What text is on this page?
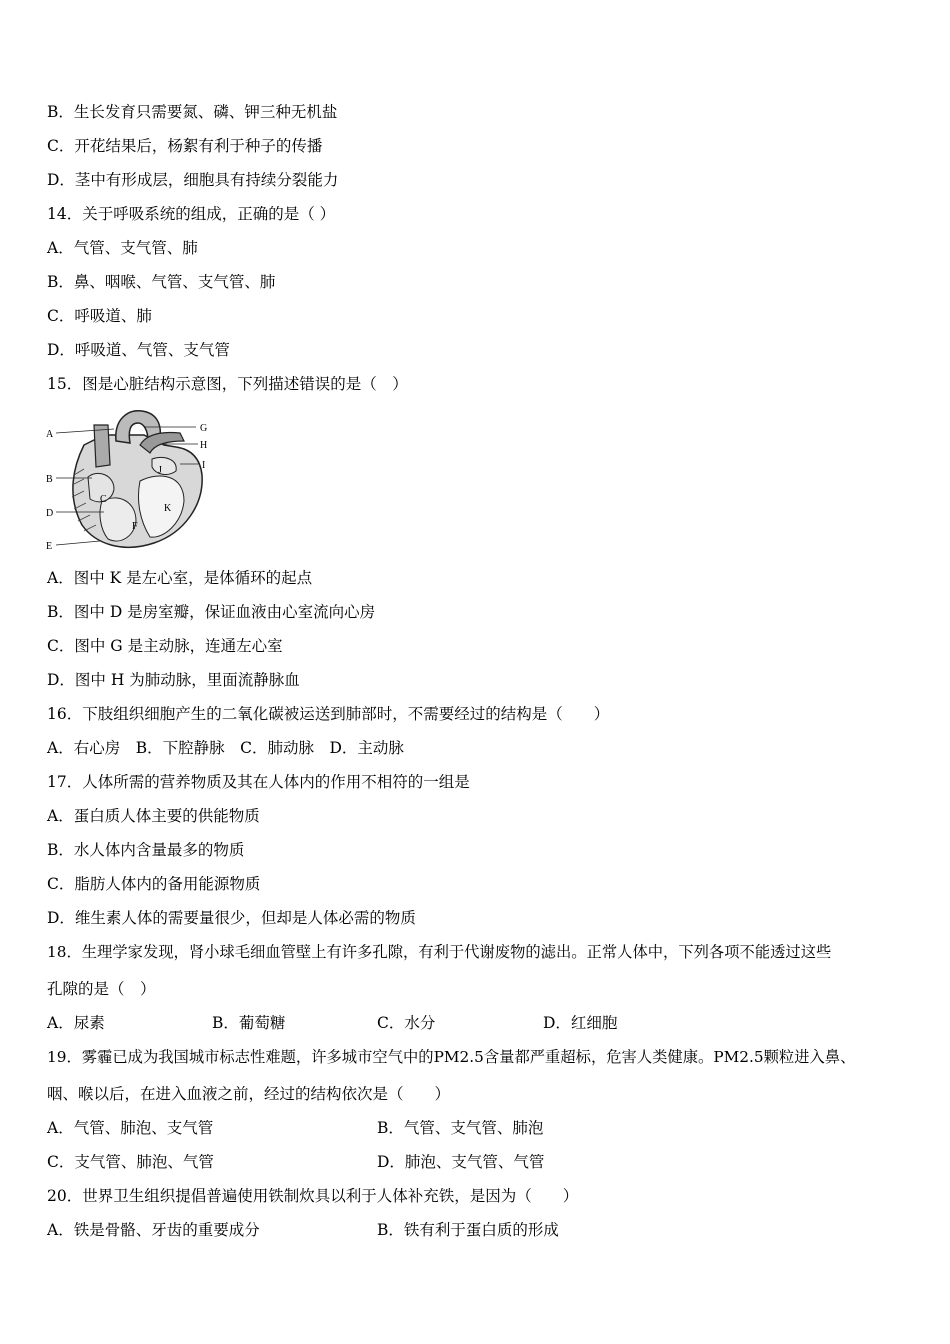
B．生长发育只需要氮、磷、钾三种无机盐
C．开花结果后，杨絮有利于种子的传播
D．茎中有形成层，细胞具有持续分裂能力
14．关于呼吸系统的组成，正确的是（ ）
A．气管、支气管、肺
B．鼻、咽喉、气管、支气管、肺
C．呼吸道、肺
D．呼吸道、气管、支气管
15．图是心脏结构示意图，下列描述错误的是（　）
A
B
D
E
G
H
I
C
F
J
K
A．图中 K 是左心室，是体循环的起点
B．图中 D 是房室瓣，保证血液由心室流向心房
C．图中 G 是主动脉，连通左心室
D．图中 H 为肺动脉，里面流静脉血
16．下肢组织细胞产生的二氧化碳被运送到肺部时，不需要经过的结构是（　　）
A．右心房　B．下腔静脉　C．肺动脉　D．主动脉
17．人体所需的营养物质及其在人体内的作用不相符的一组是
A．蛋白质人体主要的供能物质
B．水人体内含量最多的物质
C．脂肪人体内的备用能源物质
D．维生素人体的需要量很少，但却是人体必需的物质
18．生理学家发现，肾小球毛细血管壁上有许多孔隙，有利于代谢废物的滤出。正常人体中，下列各项不能透过这些
孔隙的是（　）
A．尿素	B．葡萄糖	C．水分	D．红细胞
19．雾霾已成为我国城市标志性难题，许多城市空气中的PM2.5含量都严重超标，危害人类健康。PM2.5颗粒进入鼻、
咽、喉以后，在进入血液之前，经过的结构依次是（　　）
A．气管、肺泡、支气管	B．气管、支气管、肺泡
C．支气管、肺泡、气管	D．肺泡、支气管、气管
20．世界卫生组织提倡普遍使用铁制炊具以利于人体补充铁，是因为（　　）
A．铁是骨骼、牙齿的重要成分	B．铁有利于蛋白质的形成
